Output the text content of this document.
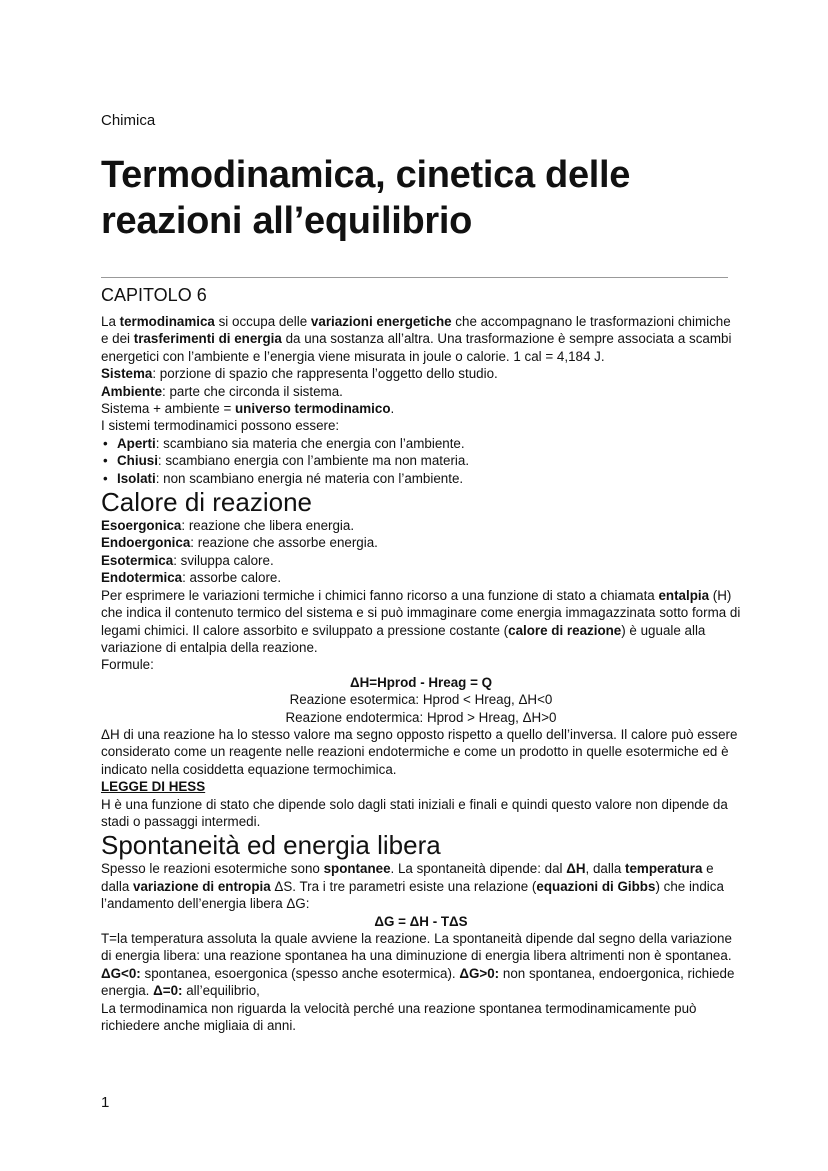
Chimica
Termodinamica, cinetica delle reazioni all’equilibrio
CAPITOLO 6

La termodinamica si occupa delle variazioni energetiche che accompagnano le trasformazioni chimiche e dei trasferimenti di energia da una sostanza all’altra. Una trasformazione è sempre associata a scambi energetici con l’ambiente e l’energia viene misurata in joule o calorie. 1 cal = 4,184 J.

Sistema: porzione di spazio che rappresenta l’oggetto dello studio.

Ambiente: parte che circonda il sistema.

Sistema + ambiente = universo termodinamico.

I sistemi termodinamici possono essere:

• Aperti: scambiano sia materia che energia con l’ambiente.
• Chiusi: scambiano energia con l’ambiente ma non materia.
• Isolati: non scambiano energia né materia con l’ambiente.
Calore di reazione

Esoergonica: reazione che libera energia.

Endoergonica: reazione che assorbe energia.

Esotermica: sviluppa calore.

Endotermica: assorbe calore.

Per esprimere le variazioni termiche i chimici fanno ricorso a una funzione di stato a chiamata entalpia (H) che indica il contenuto termico del sistema e si può immaginare come energia immagazzinata sotto forma di legami chimici. Il calore assorbito e sviluppato a pressione costante (calore di reazione) è uguale alla variazione di entalpia della reazione.

Formule:

ΔH=Hprod - Hreag = Q

Reazione esotermica: Hprod < Hreag, ΔH<0

Reazione endotermica: Hprod > Hreag, ΔH>0

ΔH di una reazione ha lo stesso valore ma segno opposto rispetto a quello dell’inversa. Il calore può essere considerato come un reagente nelle reazioni endotermiche e come un prodotto in quelle esotermiche ed è indicato nella cosiddetta equazione termochimica.

LEGGE DI HESS

H è una funzione di stato che dipende solo dagli stati iniziali e finali e quindi questo valore non dipende da stadi o passaggi intermedi.

Spontaneità ed energia libera

Spesso le reazioni esotermiche sono spontanee. La spontaneità dipende: dal ΔH, dalla temperatura e dalla variazione di entropia ΔS. Tra i tre parametri esiste una relazione (equazioni di Gibbs) che indica l’andamento dell’energia libera ΔG:

ΔG = ΔH - TΔS

T=la temperatura assoluta la quale avviene la reazione. La spontaneità dipende dal segno della variazione di energia libera: una reazione spontanea ha una diminuzione di energia libera altrimenti non è spontanea. ΔG<0: spontanea, esoergonica (spesso anche esotermica). ΔG>0: non spontanea, endoergonica, richiede energia. Δ=0: all’equilibrio,

La termodinamica non riguarda la velocità perché una reazione spontanea termodinamicamente può richiedere anche migliaia di anni.

1
